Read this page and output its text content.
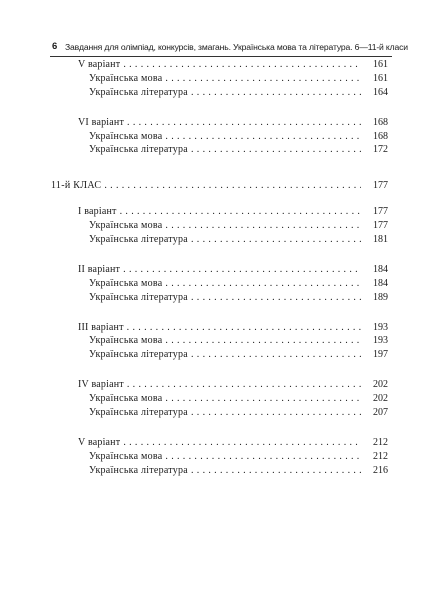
6 Завдання для олімпіад, конкурсів, змагань. Українська мова та література. 6—11-й класи
V варіант .....	161
Українська мова .....	161
Українська література .....	164
VI варіант .....	168
Українська мова .....	168
Українська література .....	172
11-й КЛАС .....	177
I варіант .....	177
Українська мова .....	177
Українська література .....	181
II варіант .....	184
Українська мова .....	184
Українська література .....	189
III варіант .....	193
Українська мова .....	193
Українська література .....	197
IV варіант .....	202
Українська мова .....	202
Українська література .....	207
V варіант .....	212
Українська мова .....	212
Українська література .....	216
